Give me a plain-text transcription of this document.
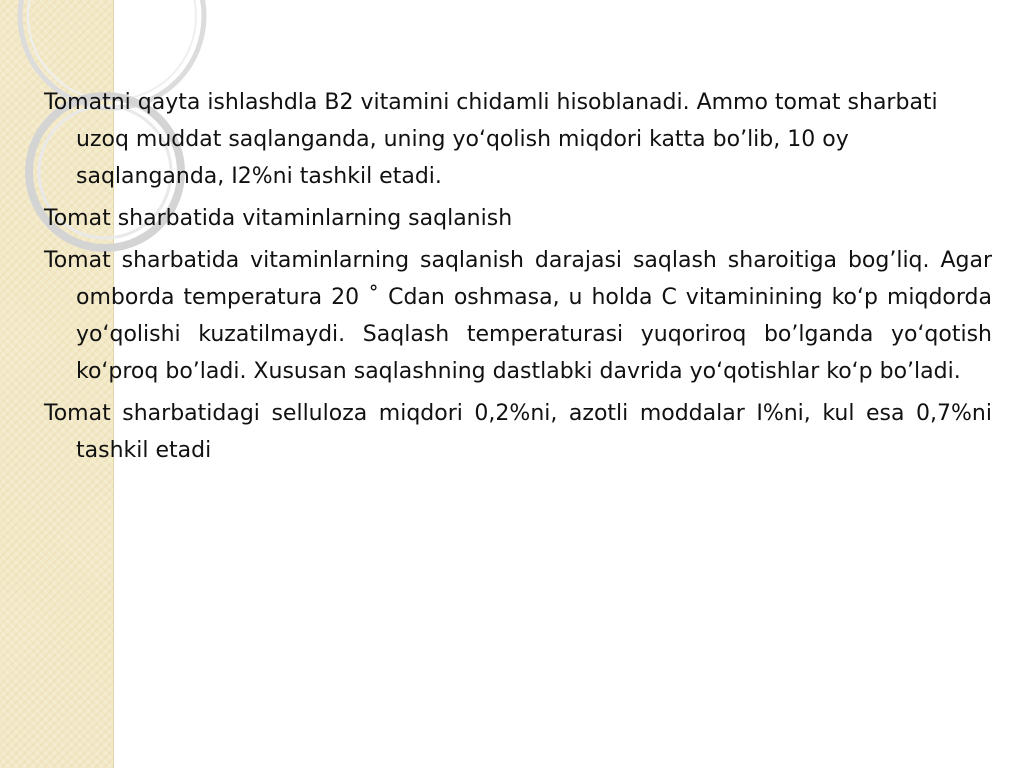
Tomatni qayta ishlashdla B2 vitamini chidamli hisoblanadi. Ammo tomat sharbati uzoq muddat saqlanganda, uning yo‘qolish miqdori katta bo’lib, 10 oy saqlanganda, I2%ni tashkil etadi.

Tomat sharbatida vitaminlarning saqlanish

Tomat sharbatida vitaminlarning saqlanish darajasi saqlash sharoitiga bog’liq. Agar omborda temperatura 20 ˚ Cdan oshmasa, u holda C vitaminining ko‘p miqdorda yo‘qolishi kuzatilmaydi. Saqlash temperaturasi yuqoriroq bo’lganda yo‘qotish ko‘proq bo’ladi. Xususan saqlashning dastlabki davrida yo‘qotishlar ko‘p bo’ladi.

Tomat sharbatidagi selluloza miqdori 0,2%ni, azotli moddalar I%ni, kul esa 0,7%ni tashkil etadi
